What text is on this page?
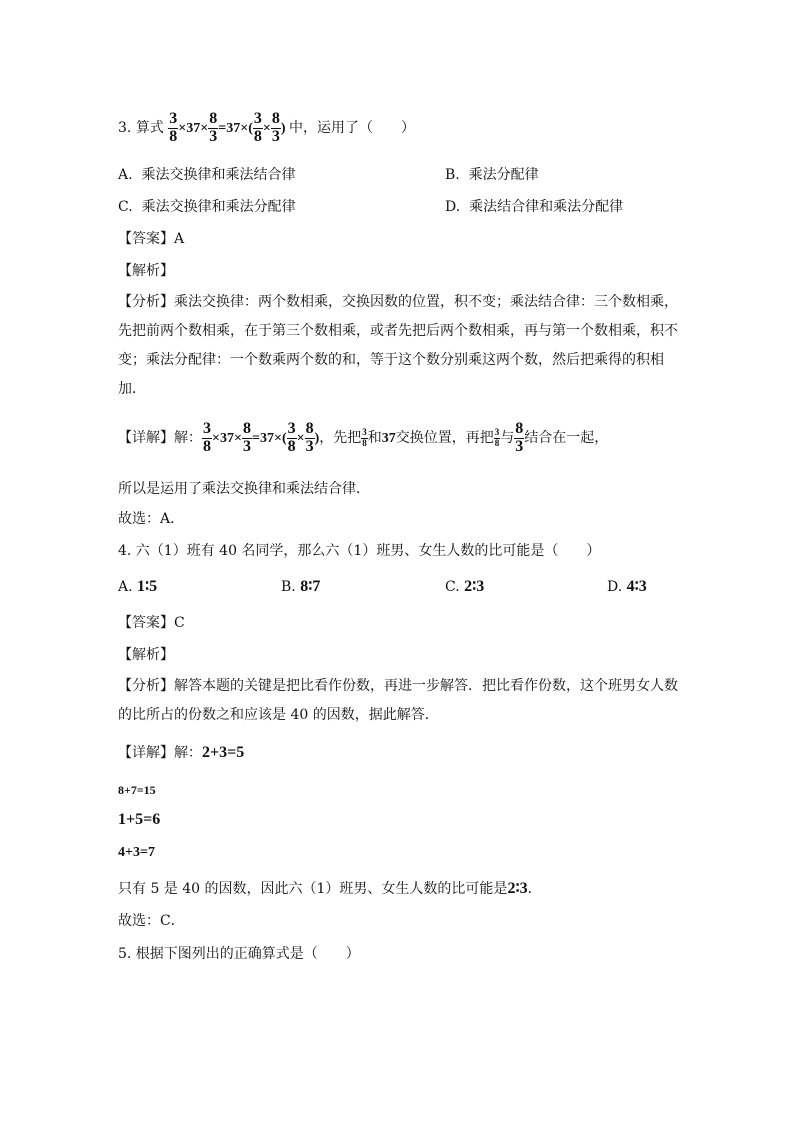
3. 算式 $\frac{3}{8} \times 37\times \frac{8}{3} =37\times( \frac{3}{8} \times \frac{8}{3}$ ) 中，运用了（　　）
A. 乘法交换律和乘法结合律	B. 乘法分配律
C. 乘法交换律和乘法分配律	D. 乘法结合律和乘法分配律
【答案】A
【解析】
【分析】乘法交换律：两个数相乘，交换因数的位置，积不变；乘法结合律：三个数相乘，先把前两个数相乘，在于第三个数相乘，或者先把后两个数相乘，再与第一个数相乘，积不变；乘法分配律：一个数乘两个数的和，等于这个数分别乘这两个数，然后把乘得的积相加．
【详解】解： $\frac{3}{8} \times 37\times \frac{8}{3} =37\times( \frac{3}{8} \times \frac{8}{3}$ )，先把 $\frac{3}{8}$ 和37交换位置，再把 $\frac{3}{8}$ 与 $\frac{8}{3}$ 结合在一起，
所以是运用了乘法交换律和乘法结合律．
故选：A．
4. 六（1）班有 40 名同学，那么六（1）班男、女生人数的比可能是（　　）
A. 1∶5	B. 8∶7	C. 2∶3	D. 4∶3
【答案】C
【解析】
【分析】解答本题的关键是把比看作份数，再进一步解答．把比看作份数，这个班男女人数的比所占的份数之和应该是 40 的因数，据此解答．
【详解】解：2+3=5
8+7=15
1+5=6
4+3=7
只有 5 是 40 的因数，因此六（1）班男、女生人数的比可能是2∶3．
故选：C．
5. 根据下图列出的正确算式是（　　）
